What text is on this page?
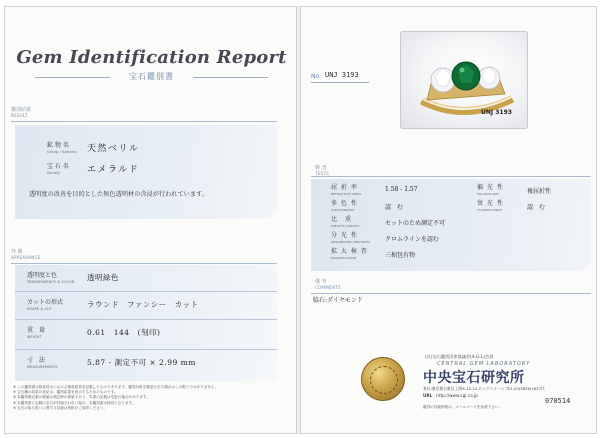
Gem Identification Report
宝石鑑別書
鑑別結果
RESULT
鉱 物 名
Group / Species 天然ベリル
宝 石 名
Variety	エメラルド
透明度の改善を目的とした無色透明材の含浸が行われています。
外 観
APPEARANCE
透明度と色
TRANSPARENCY & COLOR 透明緑色
カットの形式
SHAPE & CUT	ラウンド　ファンシー　カット
重　量
WEIGHT	0.61　144　(刻印)
寸　法
MEASUREMENTS	5.87 - 測定不可 × 2.99 mm
※ この鑑別書は検査時点における検査結果を記載したものであります。鑑別対象を確認された場合はこの限りではありません。
※ 宝石種の結果の表記は、鑑別結果を表示するためのものです。
※ 本鑑別書記載の数値は測定時の数値であり、本書の記載は変更の場合があります。
※ 本鑑別書に記載の宝石が付属されない場合、本鑑別書は無効となります。
※ 宝石の取り扱いに関する詳細は別紙をご参照ください。
No. UNJ 3193
UNJ 3193
検 査
TESTS
屈 折 率
REFRACTIVE INDEX
1.58 - 1.57
多 色 性
PLEOCHROISM	認　む
比　重
SPECIFIC GRAVITY	セットのため測定不可
分 光 性
ABSORPTION SPECTRUM	クロムラインを認む
拡 大 検 査
MAGNIFICATION	三相包有物
偏 光 性
POLARISCOPE	複屈折性
蛍 光 性
FLUORESCENCE	認　む
備 考
COMMENTS
脇石:ダイヤモンド
(社)宝石鑑別団体協議会(A.G.L)会員
CENTRAL GEM LABORATORY
中央宝石研究所
本社:東京都台東区上野5-15-14 ロックストーン TEL.03(3836)1627代
URL http://www.cgl.co.jp
鑑別の詳細情報は、ホームページを参照下さい。
070514
